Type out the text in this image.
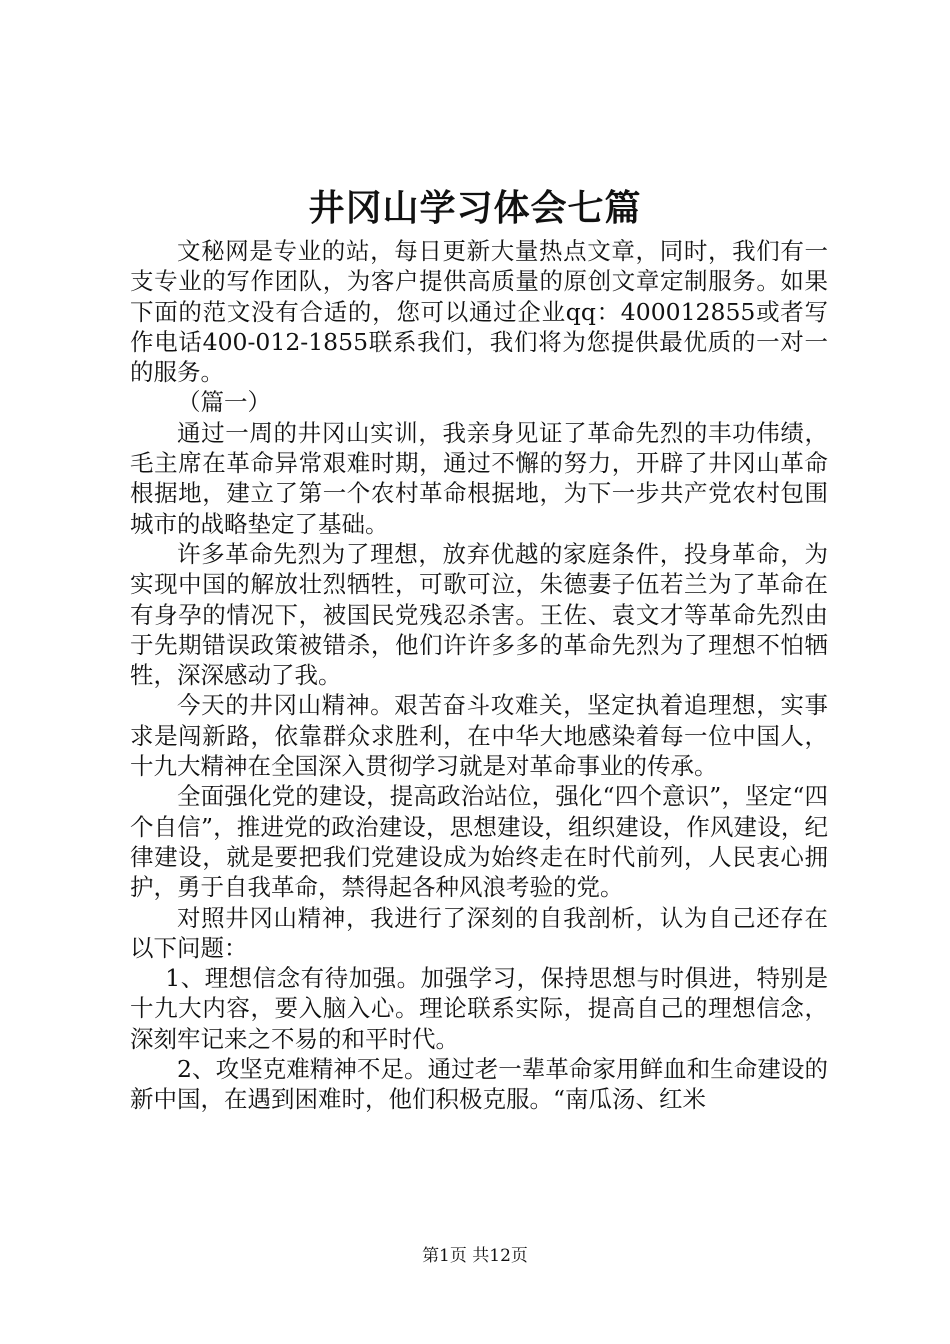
井冈山学习体会七篇

文秘网是专业的站，每日更新大量热点文章，同时，我们有一支专业的写作团队，为客户提供高质量的原创文章定制服务。如果下面的范文没有合适的，您可以通过企业qq：400012855或者写作电话400-012-1855联系我们，我们将为您提供最优质的一对一的服务。

（篇一）

通过一周的井冈山实训，我亲身见证了革命先烈的丰功伟绩，毛主席在革命异常艰难时期，通过不懈的努力，开辟了井冈山革命根据地，建立了第一个农村革命根据地，为下一步共产党农村包围城市的战略垫定了基础。

许多革命先烈为了理想，放弃优越的家庭条件，投身革命，为实现中国的解放壮烈牺牲，可歌可泣，朱德妻子伍若兰为了革命在有身孕的情况下，被国民党残忍杀害。王佐、袁文才等革命先烈由于先期错误政策被错杀，他们许许多多的革命先烈为了理想不怕牺牲，深深感动了我。

今天的井冈山精神。艰苦奋斗攻难关，坚定执着追理想，实事求是闯新路，依靠群众求胜利，在中华大地感染着每一位中国人，十九大精神在全国深入贯彻学习就是对革命事业的传承。

全面强化党的建设，提高政治站位，强化“四个意识”，坚定“四个自信”，推进党的政治建设，思想建设，组织建设，作风建设，纪律建设，就是要把我们党建设成为始终走在时代前列，人民衷心拥护，勇于自我革命，禁得起各种风浪考验的党。

对照井冈山精神，我进行了深刻的自我剖析，认为自己还存在以下问题：

1、理想信念有待加强。加强学习，保持思想与时俱进，特别是十九大内容，要入脑入心。理论联系实际，提高自己的理想信念，深刻牢记来之不易的和平时代。

2、攻坚克难精神不足。通过老一辈革命家用鲜血和生命建设的新中国，在遇到困难时，他们积极克服。“南瓜汤、红米

第1页 共12页
